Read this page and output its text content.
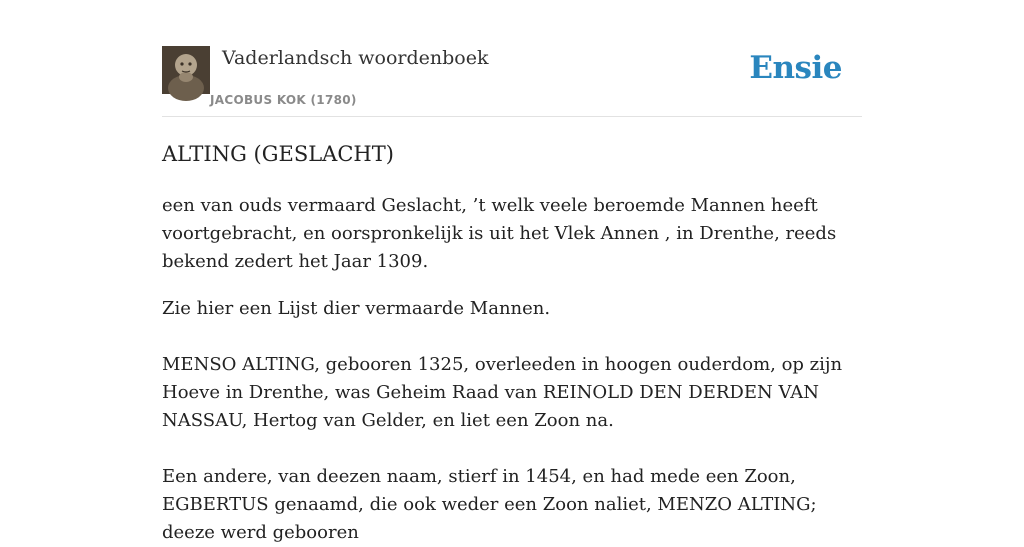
Vaderlandsch woordenboek
JACOBUS KOK (1780)
Ensie
ALTING (GESLACHT)

een van ouds vermaard Geslacht, ’t welk veele beroemde Mannen heeft voortgebracht, en oorspronkelijk is uit het Vlek Annen , in Drenthe, reeds bekend zedert het Jaar 1309.

Zie hier een Lijst dier vermaarde Mannen.

MENSO ALTING, gebooren 1325, overleeden in hoogen ouderdom, op zijn Hoeve in Drenthe, was Geheim Raad van REINOLD DEN DERDEN VAN NASSAU, Hertog van Gelder, en liet een Zoon na.

Een andere, van deezen naam, stierf in 1454, en had mede een Zoon, EGBERTUS genaamd, die ook weder een Zoon naliet, MENZO ALTING; deeze werd gebooren
